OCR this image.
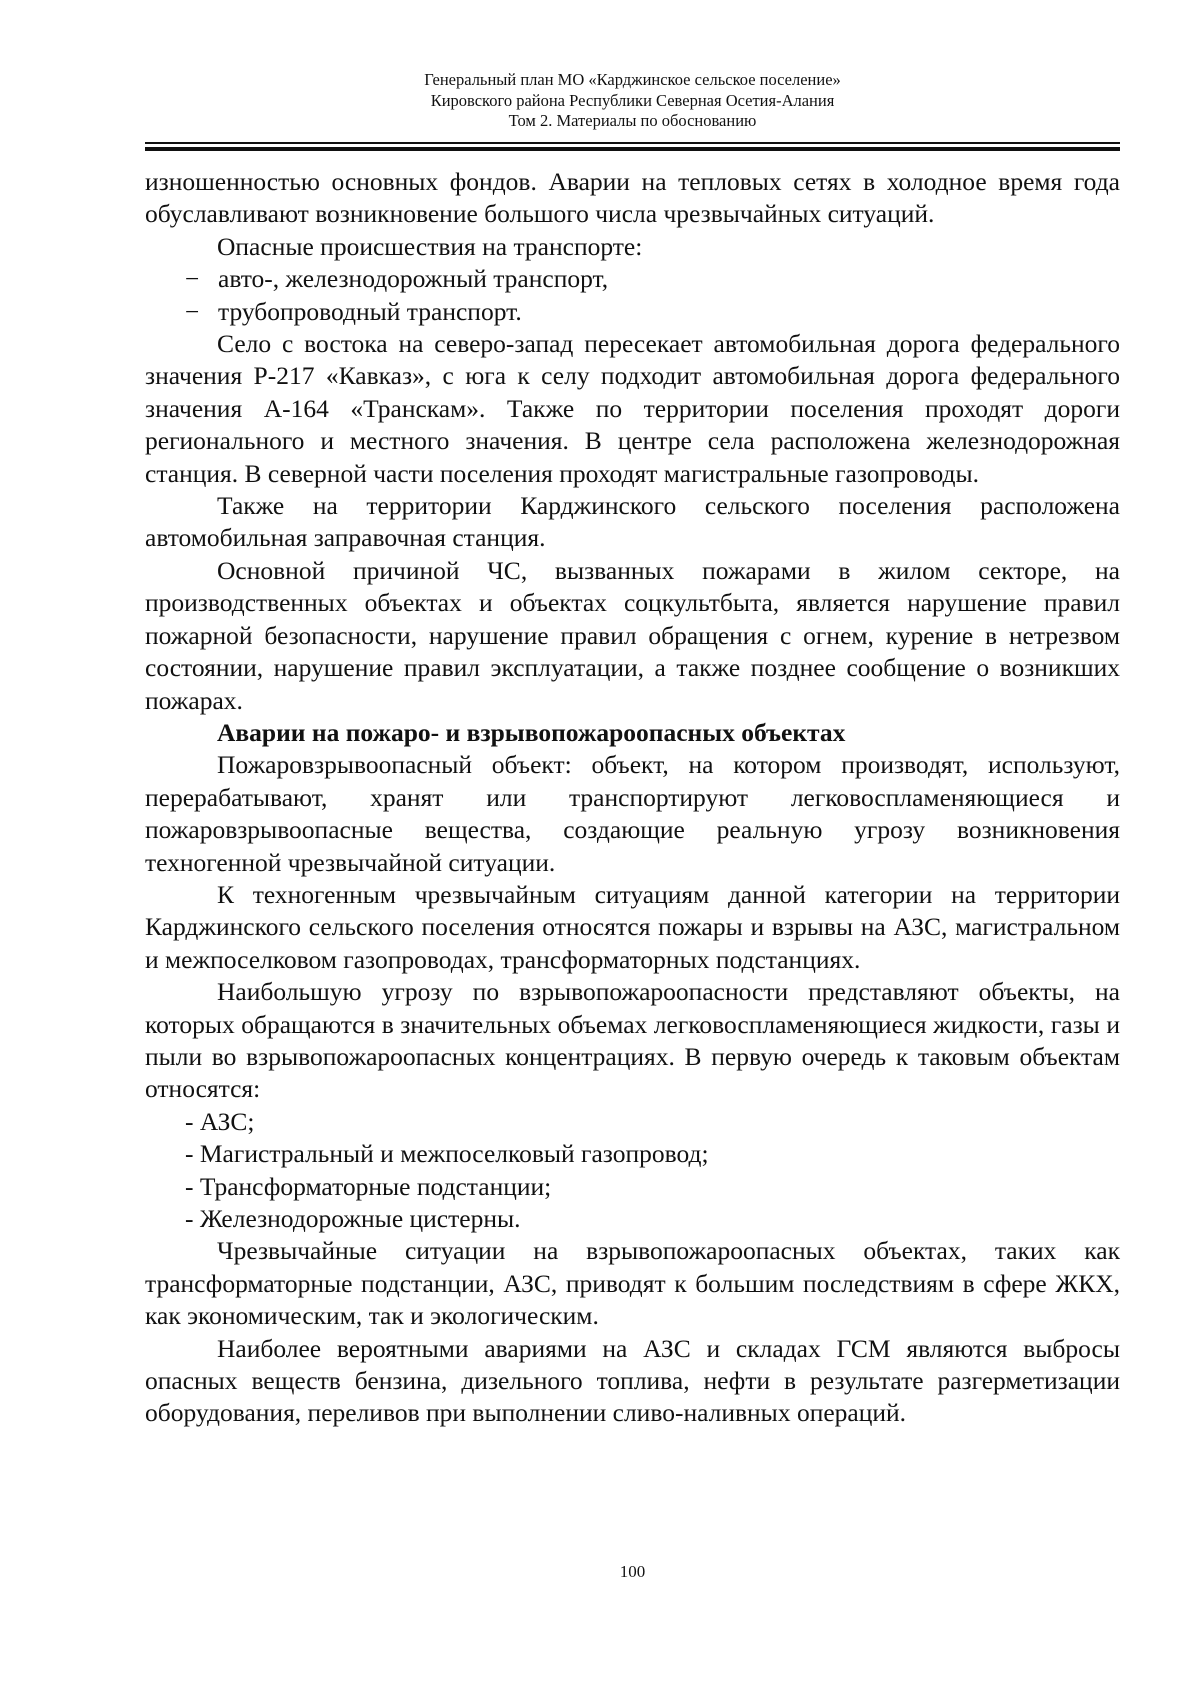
Генеральный план МО «Карджинское сельское поселение»
Кировского района Республики Северная Осетия-Алания
Том 2. Материалы по обоснованию

изношенностью основных фондов. Аварии на тепловых сетях в холодное время года обуславливают возникновение большого числа чрезвычайных ситуаций.

Опасные происшествия на транспорте:

− авто-, железнодорожный транспорт,

− трубопроводный транспорт.

Село с востока на северо-запад пересекает автомобильная дорога федерального значения Р-217 «Кавказ», с юга к селу подходит автомобильная дорога федерального значения А-164 «Транскам». Также по территории поселения проходят дороги регионального и местного значения. В центре села расположена железнодорожная станция. В северной части поселения проходят магистральные газопроводы.

Также на территории Карджинского сельского поселения расположена автомобильная заправочная станция.

Основной причиной ЧС, вызванных пожарами в жилом секторе, на производственных объектах и объектах соцкультбыта, является нарушение правил пожарной безопасности, нарушение правил обращения с огнем, курение в нетрезвом состоянии, нарушение правил эксплуатации, а также позднее сообщение о возникших пожарах.

Аварии на пожаро- и взрывопожароопасных объектах

Пожаровзрывоопасный объект: объект, на котором производят, используют, перерабатывают, хранят или транспортируют легковоспламеняющиеся и пожаровзрывоопасные вещества, создающие реальную угрозу возникновения техногенной чрезвычайной ситуации.

К техногенным чрезвычайным ситуациям данной категории на территории Карджинского сельского поселения относятся пожары и взрывы на АЗС, магистральном и межпоселковом газопроводах, трансформаторных подстанциях.

Наибольшую угрозу по взрывопожароопасности представляют объекты, на которых обращаются в значительных объемах легковоспламеняющиеся жидкости, газы и пыли во взрывопожароопасных концентрациях. В первую очередь к таковым объектам относятся:

- АЗС;

- Магистральный и межпоселковый газопровод;

- Трансформаторные подстанции;

- Железнодорожные цистерны.

Чрезвычайные ситуации на взрывопожароопасных объектах, таких как трансформаторные подстанции, АЗС, приводят к большим последствиям в сфере ЖКХ, как экономическим, так и экологическим.

Наиболее вероятными авариями на АЗС и складах ГСМ являются выбросы опасных веществ бензина, дизельного топлива, нефти в результате разгерметизации оборудования, переливов при выполнении сливо-наливных операций.

100
